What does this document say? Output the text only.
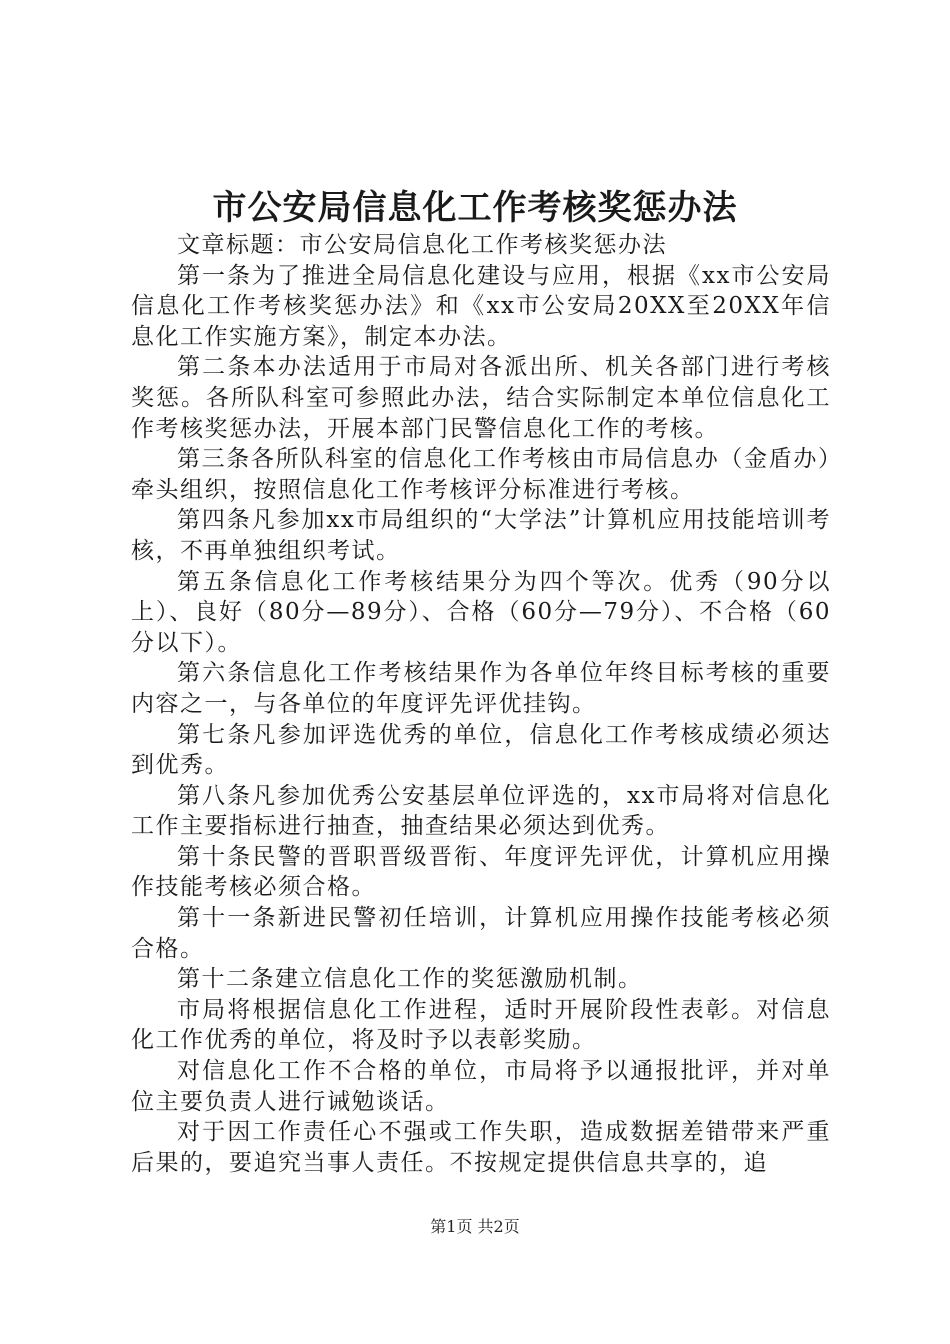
市公安局信息化工作考核奖惩办法

文章标题：市公安局信息化工作考核奖惩办法

第一条为了推进全局信息化建设与应用，根据《xx市公安局信息化工作考核奖惩办法》和《xx市公安局20XX至20XX年信息化工作实施方案》，制定本办法。

第二条本办法适用于市局对各派出所、机关各部门进行考核奖惩。各所队科室可参照此办法，结合实际制定本单位信息化工作考核奖惩办法，开展本部门民警信息化工作的考核。

第三条各所队科室的信息化工作考核由市局信息办（金盾办）牵头组织，按照信息化工作考核评分标准进行考核。

第四条凡参加xx市局组织的“大学法”计算机应用技能培训考核，不再单独组织考试。

第五条信息化工作考核结果分为四个等次。优秀（90分以上）、良好（80分—89分）、合格（60分—79分）、不合格（60分以下）。

第六条信息化工作考核结果作为各单位年终目标考核的重要内容之一，与各单位的年度评先评优挂钩。

第七条凡参加评选优秀的单位，信息化工作考核成绩必须达到优秀。

第八条凡参加优秀公安基层单位评选的，xx市局将对信息化工作主要指标进行抽查，抽查结果必须达到优秀。

第十条民警的晋职晋级晋衔、年度评先评优，计算机应用操作技能考核必须合格。

第十一条新进民警初任培训，计算机应用操作技能考核必须合格。

第十二条建立信息化工作的奖惩激励机制。

市局将根据信息化工作进程，适时开展阶段性表彰。对信息化工作优秀的单位，将及时予以表彰奖励。

对信息化工作不合格的单位，市局将予以通报批评，并对单位主要负责人进行诫勉谈话。

对于因工作责任心不强或工作失职，造成数据差错带来严重后果的，要追究当事人责任。不按规定提供信息共享的，追

第1页 共2页
